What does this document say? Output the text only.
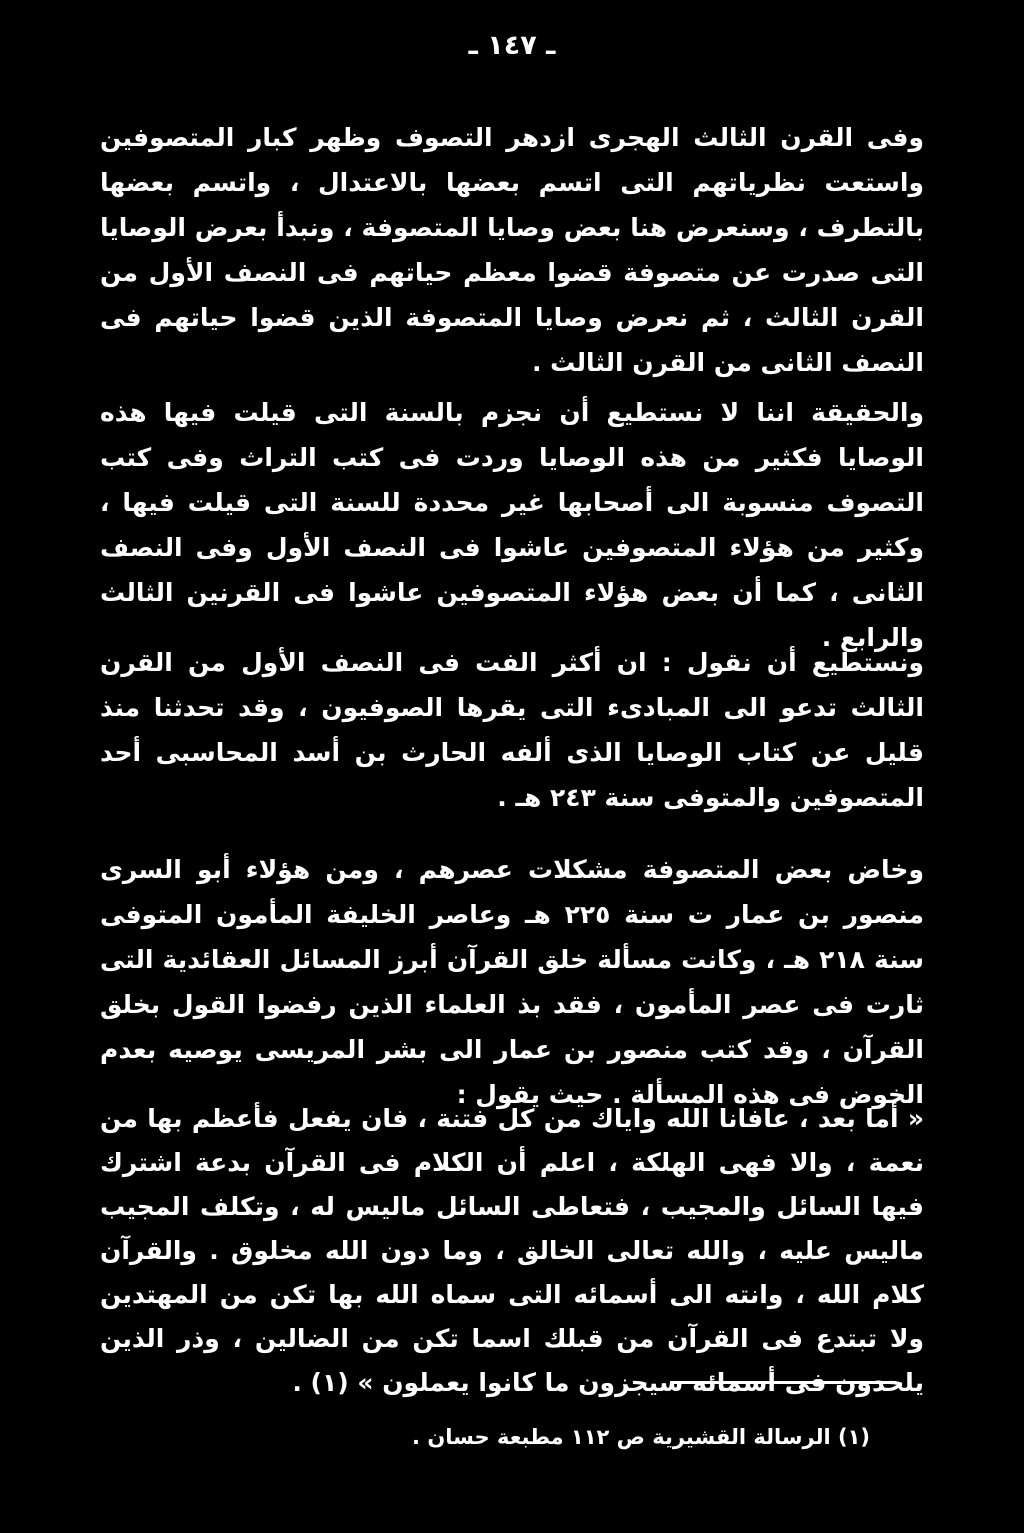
ـ ١٤٧ ـ
وفى القرن الثالث الهجرى ازدهر التصوف وظهر كبار المتصوفين واستعت نظرياتهم التى اتسم بعضها بالاعتدال ، واتسم بعضها بالتطرف ، وسنعرض هنا بعض وصايا المتصوفة ، ونبدأ بعرض الوصايا التى صدرت عن متصوفة قضوا معظم حياتهم فى النصف الأول من القرن الثالث ، ثم نعرض وصايا المتصوفة الذين قضوا حياتهم فى النصف الثانى من القرن الثالث .
والحقيقة اننا لا نستطيع أن نجزم بالسنة التى قيلت فيها هذه الوصايا فكثير من هذه الوصايا وردت فى كتب التراث وفى كتب التصوف منسوبة الى أصحابها غير محددة للسنة التى قيلت فيها ، وكثير من هؤلاء المتصوفين عاشوا فى النصف الأول وفى النصف الثانى ، كما أن بعض هؤلاء المتصوفين عاشوا فى القرنين الثالث والرابع .
ونستطيع أن نقول : ان أكثر الفت فى النصف الأول من القرن الثالث تدعو الى المبادىء التى يقرها الصوفيون ، وقد تحدثنا منذ قليل عن كتاب الوصايا الذى ألفه الحارث بن أسد المحاسبى أحد المتصوفين والمتوفى سنة ٢٤٣ هـ .
وخاض بعض المتصوفة مشكلات عصرهم ، ومن هؤلاء أبو السرى منصور بن عمار ت سنة ٢٢٥ هـ وعاصر الخليفة المأمون المتوفى سنة ٢١٨ هـ ، وكانت مسألة خلق القرآن أبرز المسائل العقائدية التى ثارت فى عصر المأمون ، فقد بذ العلماء الذين رفضوا القول بخلق القرآن ، وقد كتب منصور بن عمار الى بشر المريسى يوصيه بعدم الخوض فى هذه المسألة . حيث يقول :
« أما بعد ، عافانا الله واياك من كل فتنة ، فان يفعل فأعظم بها من نعمة ، والا فهى الهلكة ، اعلم أن الكلام فى القرآن بدعة اشترك فيها السائل والمجيب ، فتعاطى السائل ماليس له ، وتكلف المجيب ماليس عليه ، والله تعالى الخالق ، وما دون الله مخلوق . والقرآن كلام الله ، وانته الى أسمائه التى سماه الله بها تكن من المهتدين ولا تبتدع فى القرآن من قبلك اسما تكن من الضالين ، وذر الذين يلحدون فى أسمائه سيجزون ما كانوا يعملون » (١) .
(١) الرسالة القشيرية ص ١١٢ مطبعة حسان .
